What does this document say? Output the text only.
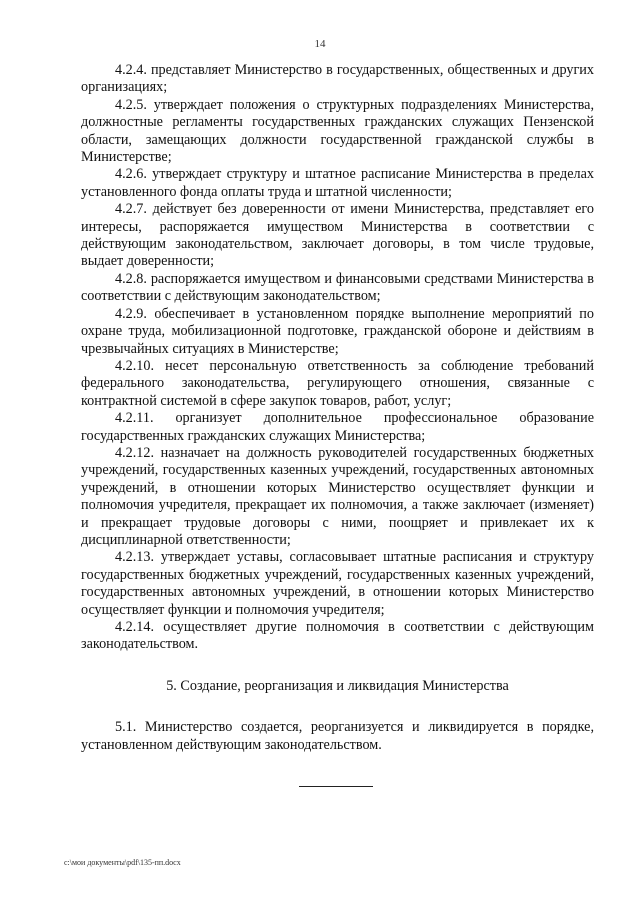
14

4.2.4. представляет Министерство в государственных, общественных и других организациях;

4.2.5. утверждает положения о структурных подразделениях Министерства, должностные регламенты государственных гражданских служащих Пензенской области, замещающих должности государственной гражданской службы в Министерстве;

4.2.6. утверждает структуру и штатное расписание Министерства в пределах установленного фонда оплаты труда и штатной численности;

4.2.7. действует без доверенности от имени Министерства, представляет его интересы, распоряжается имуществом Министерства в соответствии с действующим законодательством, заключает договоры, в том числе трудовые, выдает доверенности;

4.2.8. распоряжается имуществом и финансовыми средствами Министерства в соответствии с действующим законодательством;

4.2.9. обеспечивает в установленном порядке выполнение мероприятий по охране труда, мобилизационной подготовке, гражданской обороне и действиям в чрезвычайных ситуациях в Министерстве;

4.2.10. несет персональную ответственность за соблюдение требований федерального законодательства, регулирующего отношения, связанные с контрактной системой в сфере закупок товаров, работ, услуг;

4.2.11. организует дополнительное профессиональное образование государственных гражданских служащих Министерства;

4.2.12. назначает на должность руководителей государственных бюджетных учреждений, государственных казенных учреждений, государственных автономных учреждений, в отношении которых Министерство осуществляет функции и полномочия учредителя, прекращает их полномочия, а также заключает (изменяет) и прекращает трудовые договоры с ними, поощряет и привлекает их к дисциплинарной ответственности;

4.2.13. утверждает уставы, согласовывает штатные расписания и структуру государственных бюджетных учреждений, государственных казенных учреждений, государственных автономных учреждений, в отношении которых Министерство осуществляет функции и полномочия учредителя;

4.2.14. осуществляет другие полномочия в соответствии с действующим законодательством.

5. Создание, реорганизация и ликвидация Министерства

5.1. Министерство создается, реорганизуется и ликвидируется в порядке, установленном действующим законодательством.

c:\мои документы\pdf\135-пп.docx
